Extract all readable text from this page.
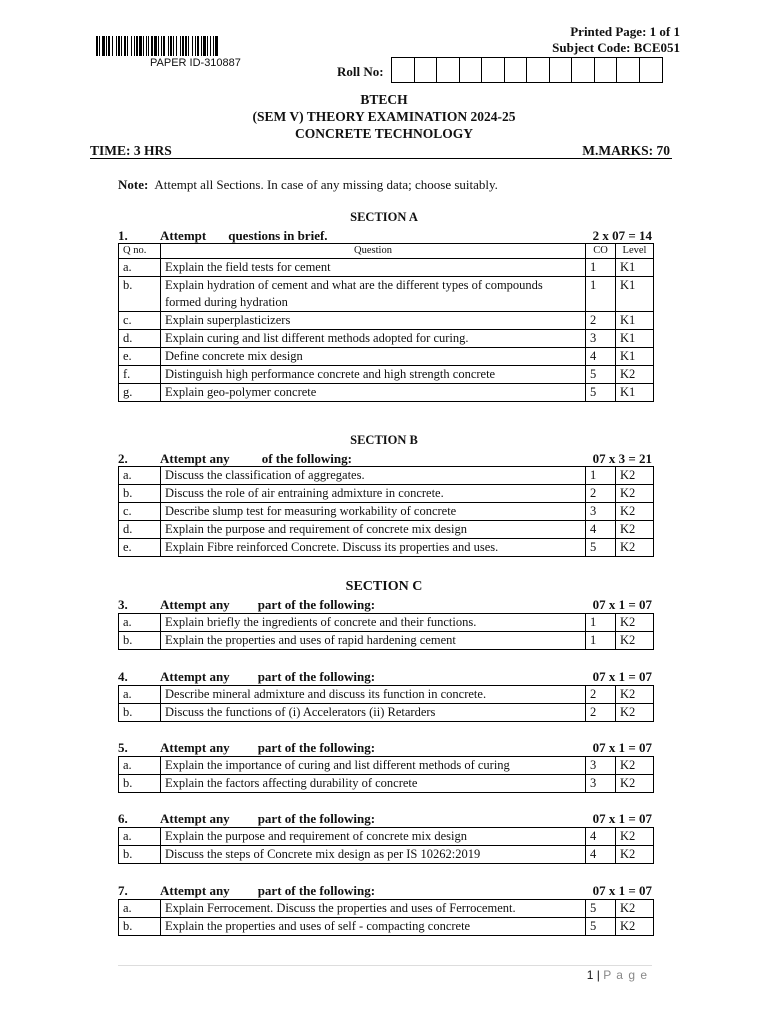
Printed Page: 1 of 1
Subject Code: BCE051
PAPER ID-310887
Roll No:
BTECH
(SEM V) THEORY EXAMINATION 2024-25
CONCRETE TECHNOLOGY
TIME: 3 HRS	M.MARKS: 70
Note: Attempt all Sections. In case of any missing data; choose suitably.
SECTION A
1. Attempt questions in brief.	2 x 07 = 14
Q no.	Question	CO	Level
a.	Explain the field tests for cement	1	K1
b.	Explain hydration of cement and what are the different types of compounds formed during hydration	1	K1
c.	Explain superplasticizers	2	K1
d.	Explain curing and list different methods adopted for curing.	3	K1
e.	Define concrete mix design	4	K1
f.	Distinguish high performance concrete and high strength concrete	5	K2
g.	Explain geo-polymer concrete	5	K1
SECTION B
2. Attempt any of the following:	07 x 3 = 21
a.	Discuss the classification of aggregates.	1	K2
b.	Discuss the role of air entraining admixture in concrete.	2	K2
c.	Describe slump test for measuring workability of concrete	3	K2
d.	Explain the purpose and requirement of concrete mix design	4	K2
e.	Explain Fibre reinforced Concrete. Discuss its properties and uses.	5	K2
SECTION C
3. Attempt any part of the following:	07 x 1 = 07
a.	Explain briefly the ingredients of concrete and their functions.	1	K2
b.	Explain the properties and uses of rapid hardening cement	1	K2
4. Attempt any part of the following:	07 x 1 = 07
a.	Describe mineral admixture and discuss its function in concrete.	2	K2
b.	Discuss the functions of (i) Accelerators (ii) Retarders	2	K2
5. Attempt any part of the following:	07 x 1 = 07
a.	Explain the importance of curing and list different methods of curing	3	K2
b.	Explain the factors affecting durability of concrete	3	K2
6. Attempt any part of the following:	07 x 1 = 07
a.	Explain the purpose and requirement of concrete mix design	4	K2
b.	Discuss the steps of Concrete mix design as per IS 10262:2019	4	K2
7. Attempt any part of the following:	07 x 1 = 07
a.	Explain Ferrocement. Discuss the properties and uses of Ferrocement.	5	K2
b.	Explain the properties and uses of self - compacting concrete	5	K2
1 | P a g e
